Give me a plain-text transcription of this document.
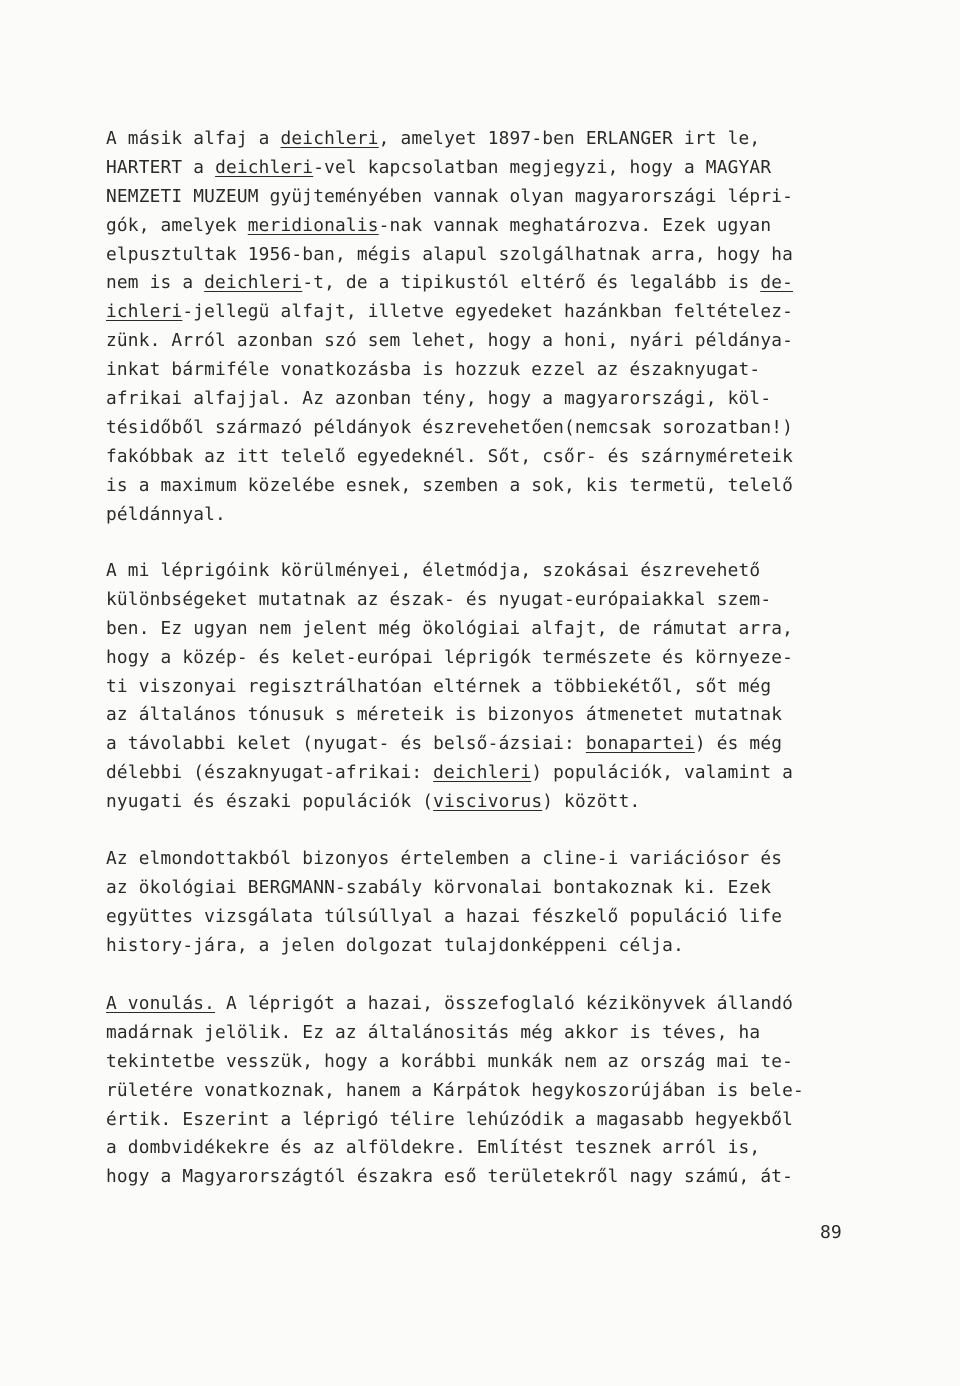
A másik alfaj a deichleri, amelyet 1897-ben ERLANGER irt le,
HARTERT a deichleri-vel kapcsolatban megjegyzi, hogy a MAGYAR
NEMZETI MUZEUM gyüjteményében vannak olyan magyarországi lépri-
gók, amelyek meridionalis-nak vannak meghatározva. Ezek ugyan
elpusztultak 1956-ban, mégis alapul szolgálhatnak arra, hogy ha
nem is a deichleri-t, de a tipikustól eltérő és legalább is de-
ichleri-jellegü alfajt, illetve egyedeket hazánkban feltételez-
zünk. Arról azonban szó sem lehet, hogy a honi, nyári példánya-
inkat bármiféle vonatkozásba is hozzuk ezzel az északnyugat-
afrikai alfajjal. Az azonban tény, hogy a magyarországi, köl-
tésidőből származó példányok észrevehetően(nemcsak sorozatban!)
fakóbbak az itt telelő egyedeknél. Sőt, csőr- és szárnyméreteik
is a maximum közelébe esnek, szemben a sok, kis termetü, telelő
példánnyal.
A mi léprigóink körülményei, életmódja, szokásai észrevehető
különbségeket mutatnak az észak- és nyugat-európaiakkal szem-
ben. Ez ugyan nem jelent még ökológiai alfajt, de rámutat arra,
hogy a közép- és kelet-európai léprigók természete és környeze-
ti viszonyai regisztrálhatóan eltérnek a többiekétől, sőt még
az általános tónusuk s méreteik is bizonyos átmenetet mutatnak
a távolabbi kelet (nyugat- és belső-ázsiai: bonapartei) és még
délebbi (északnyugat-afrikai: deichleri) populációk, valamint a
nyugati és északi populációk (viscivorus) között.
Az elmondottakból bizonyos értelemben a cline-i variációsor és
az ökológiai BERGMANN-szabály körvonalai bontakoznak ki. Ezek
együttes vizsgálata túlsúllyal a hazai fészkelő populáció life
history-jára, a jelen dolgozat tulajdonképpeni célja.
A vonulás. A léprigót a hazai, összefoglaló kézikönyvek állandó
madárnak jelölik. Ez az általánositás még akkor is téves, ha
tekintetbe vesszük, hogy a korábbi munkák nem az ország mai te-
rületére vonatkoznak, hanem a Kárpátok hegykoszorújában is bele-
értik. Eszerint a léprigó télire lehúzódik a magasabb hegyekből
a dombvidékekre és az alföldekre. Említést tesznek arról is,
hogy a Magyarországtól északra eső területekről nagy számú, át-
89
